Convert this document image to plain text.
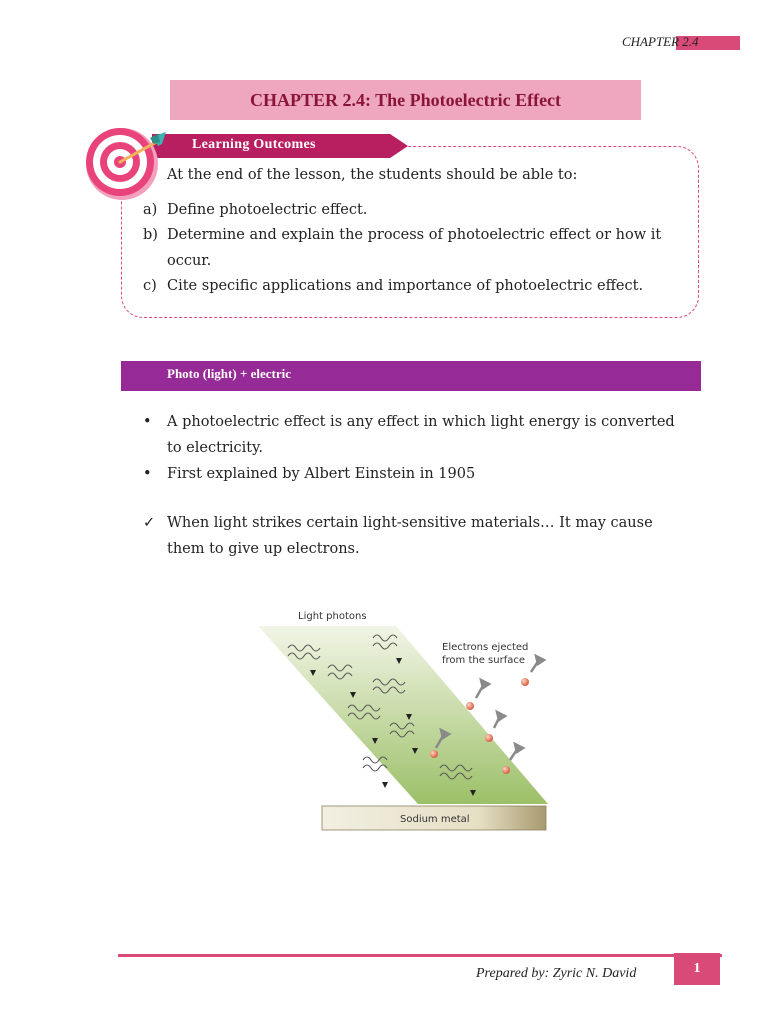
CHAPTER 2.4
CHAPTER 2.4: The Photoelectric Effect
Learning Outcomes
At the end of the lesson, the students should be able to:
a) Define photoelectric effect.
b) Determine and explain the process of photoelectric effect or how it occur.
c) Cite specific applications and importance of photoelectric effect.
Photo (light) + electric
• A photoelectric effect is any effect in which light energy is converted to electricity.
• First explained by Albert Einstein in 1905
✓ When light strikes certain light-sensitive materials… It may cause them to give up electrons.
Light photons
Electrons ejected
from the surface
Sodium metal
Prepared by: Zyric N. David	1
